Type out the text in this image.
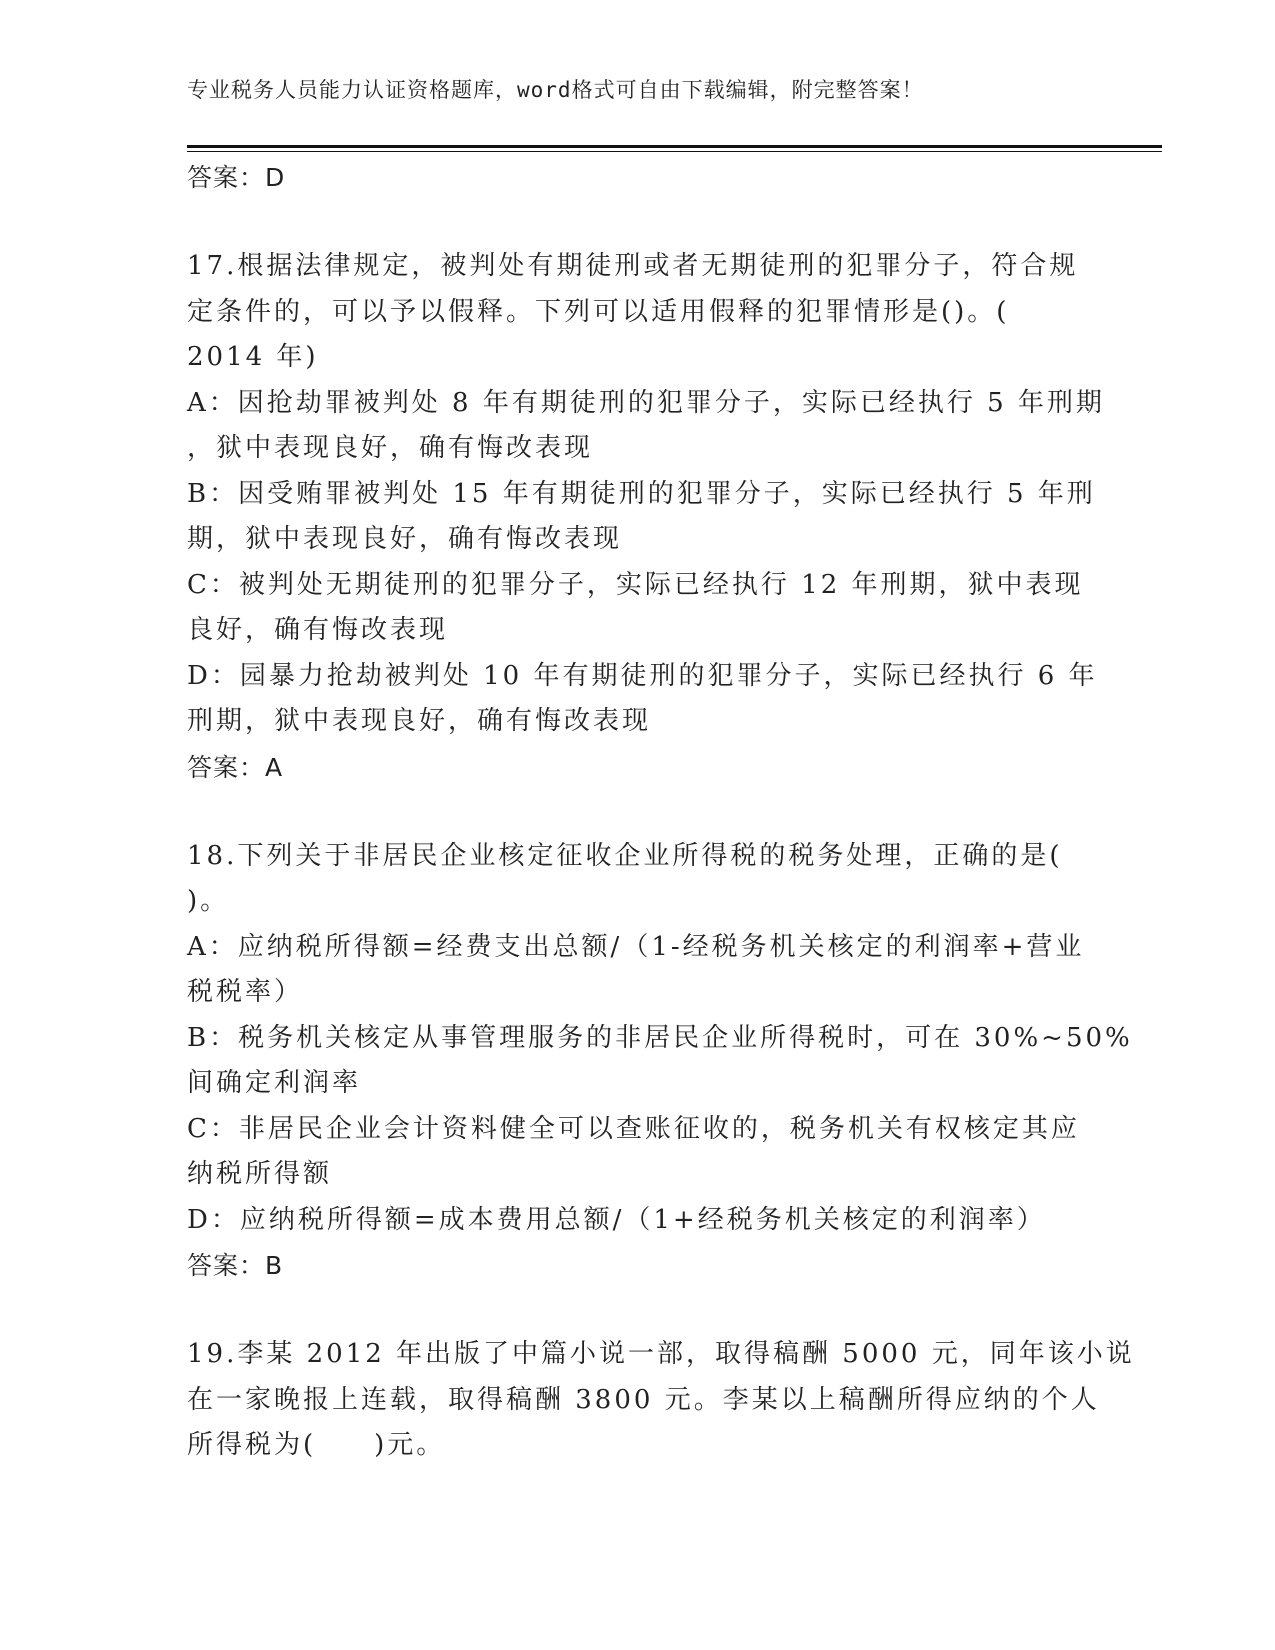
专业税务人员能力认证资格题库，word格式可自由下载编辑，附完整答案！
答案：D
17.根据法律规定，被判处有期徒刑或者无期徒刑的犯罪分子，符合规
定条件的，可以予以假释。下列可以适用假释的犯罪情形是()。(
2014 年)
A：因抢劫罪被判处 8 年有期徒刑的犯罪分子，实际已经执行 5 年刑期
，狱中表现良好，确有悔改表现
B：因受贿罪被判处 15 年有期徒刑的犯罪分子，实际已经执行 5 年刑
期，狱中表现良好，确有悔改表现
C：被判处无期徒刑的犯罪分子，实际已经执行 12 年刑期，狱中表现
良好，确有悔改表现
D：园暴力抢劫被判处 10 年有期徒刑的犯罪分子，实际已经执行 6 年
刑期，狱中表现良好，确有悔改表现
答案：A
18.下列关于非居民企业核定征收企业所得税的税务处理，正确的是(
)。
A：应纳税所得额=经费支出总额/（1-经税务机关核定的利润率+营业
税税率）
B：税务机关核定从事管理服务的非居民企业所得税时，可在 30%~50%
间确定利润率
C：非居民企业会计资料健全可以查账征收的，税务机关有权核定其应
纳税所得额
D：应纳税所得额=成本费用总额/（1+经税务机关核定的利润率）
答案：B
19.李某 2012 年出版了中篇小说一部，取得稿酬 5000 元，同年该小说
在一家晚报上连载，取得稿酬 3800 元。李某以上稿酬所得应纳的个人
所得税为(　　)元。
